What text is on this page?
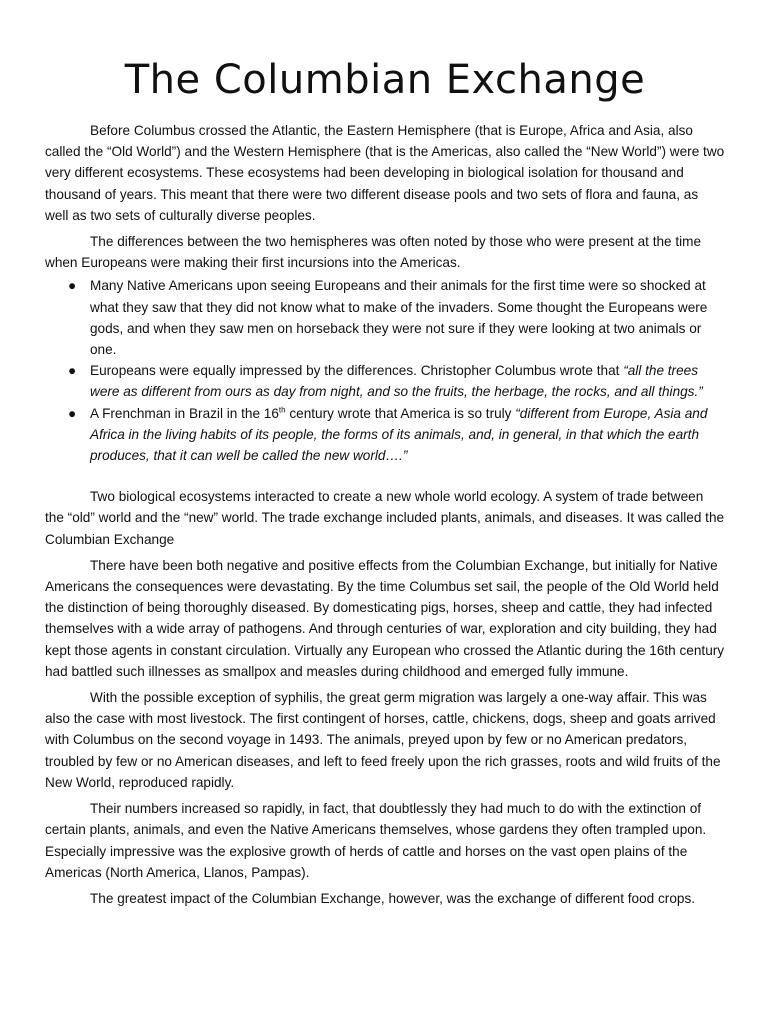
The Columbian Exchange

Before Columbus crossed the Atlantic, the Eastern Hemisphere (that is Europe, Africa and Asia, also called the “Old World”) and the Western Hemisphere (that is the Americas, also called the “New World”) were two very different ecosystems. These ecosystems had been developing in biological isolation for thousand and thousand of years. This meant that there were two different disease pools and two sets of flora and fauna, as well as two sets of culturally diverse peoples.

The differences between the two hemispheres was often noted by those who were present at the time when Europeans were making their first incursions into the Americas.

● Many Native Americans upon seeing Europeans and their animals for the first time were so shocked at what they saw that they did not know what to make of the invaders. Some thought the Europeans were gods, and when they saw men on horseback they were not sure if they were looking at two animals or one.
● Europeans were equally impressed by the differences. Christopher Columbus wrote that “all the trees were as different from ours as day from night, and so the fruits, the herbage, the rocks, and all things.”
● A Frenchman in Brazil in the 16th century wrote that America is so truly “different from Europe, Asia and Africa in the living habits of its people, the forms of its animals, and, in general, in that which the earth produces, that it can well be called the new world….”

Two biological ecosystems interacted to create a new whole world ecology. A system of trade between the “old” world and the “new” world. The trade exchange included plants, animals, and diseases. It was called the Columbian Exchange

There have been both negative and positive effects from the Columbian Exchange, but initially for Native Americans the consequences were devastating. By the time Columbus set sail, the people of the Old World held the distinction of being thoroughly diseased. By domesticating pigs, horses, sheep and cattle, they had infected themselves with a wide array of pathogens. And through centuries of war, exploration and city building, they had kept those agents in constant circulation. Virtually any European who crossed the Atlantic during the 16th century had battled such illnesses as smallpox and measles during childhood and emerged fully immune.

With the possible exception of syphilis, the great germ migration was largely a one-way affair. This was also the case with most livestock. The first contingent of horses, cattle, chickens, dogs, sheep and goats arrived with Columbus on the second voyage in 1493. The animals, preyed upon by few or no American predators, troubled by few or no American diseases, and left to feed freely upon the rich grasses, roots and wild fruits of the New World, reproduced rapidly.

Their numbers increased so rapidly, in fact, that doubtlessly they had much to do with the extinction of certain plants, animals, and even the Native Americans themselves, whose gardens they often trampled upon. Especially impressive was the explosive growth of herds of cattle and horses on the vast open plains of the Americas (North America, Llanos, Pampas).

The greatest impact of the Columbian Exchange, however, was the exchange of different food crops.
